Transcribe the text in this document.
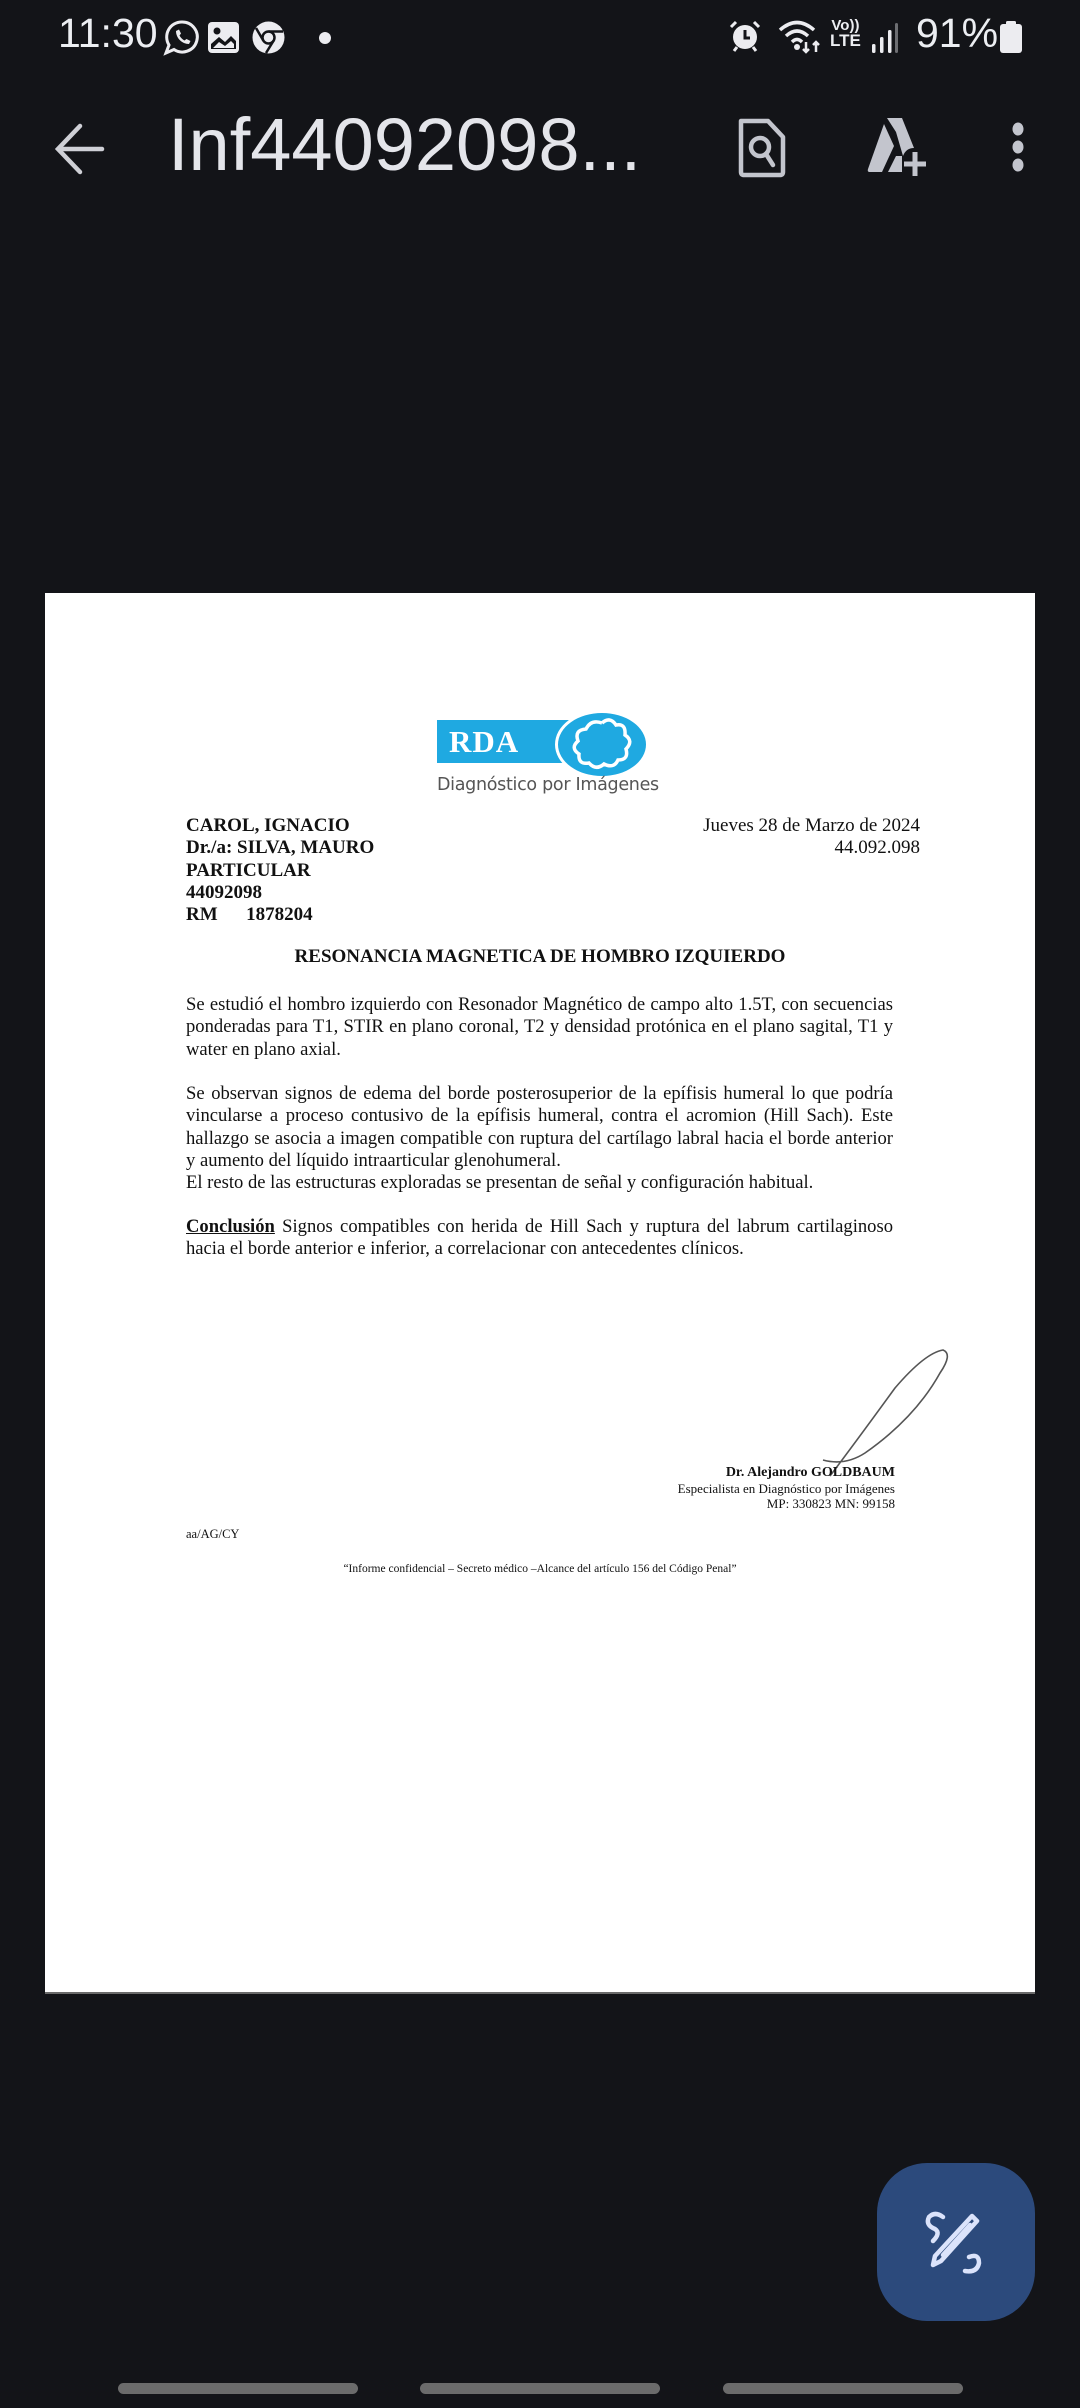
11:30	Vo))
LTE 91%
Inf44092098...
RDA
Diagnóstico por Imágenes
CAROL, IGNACIO
Dr./a: SILVA, MAURO
PARTICULAR
44092098
RM      1878204
Jueves 28 de Marzo de 2024
44.092.098
RESONANCIA MAGNETICA DE HOMBRO IZQUIERDO
Se estudió el hombro izquierdo con Resonador Magnético de campo alto 1.5T, con secuencias ponderadas para T1, STIR en plano coronal, T2 y densidad protónica en el plano sagital, T1 y water en plano axial.
Se observan signos de edema del borde posterosuperior de la epífisis humeral lo que podría vincularse a proceso contusivo de la epífisis humeral, contra el acromion (Hill Sach). Este hallazgo se asocia a imagen compatible con ruptura del cartílago labral hacia el borde anterior y aumento del líquido intraarticular glenohumeral.
El resto de las estructuras exploradas se presentan de señal y configuración habitual.
Conclusión Signos compatibles con herida de Hill Sach y ruptura del labrum cartilaginoso hacia el borde anterior e inferior, a correlacionar con antecedentes clínicos.
Dr. Alejandro GOLDBAUM
Especialista en Diagnóstico por Imágenes
MP: 330823 MN: 99158
aa/AG/CY
“Informe confidencial – Secreto médico –Alcance del artículo 156 del Código Penal”
